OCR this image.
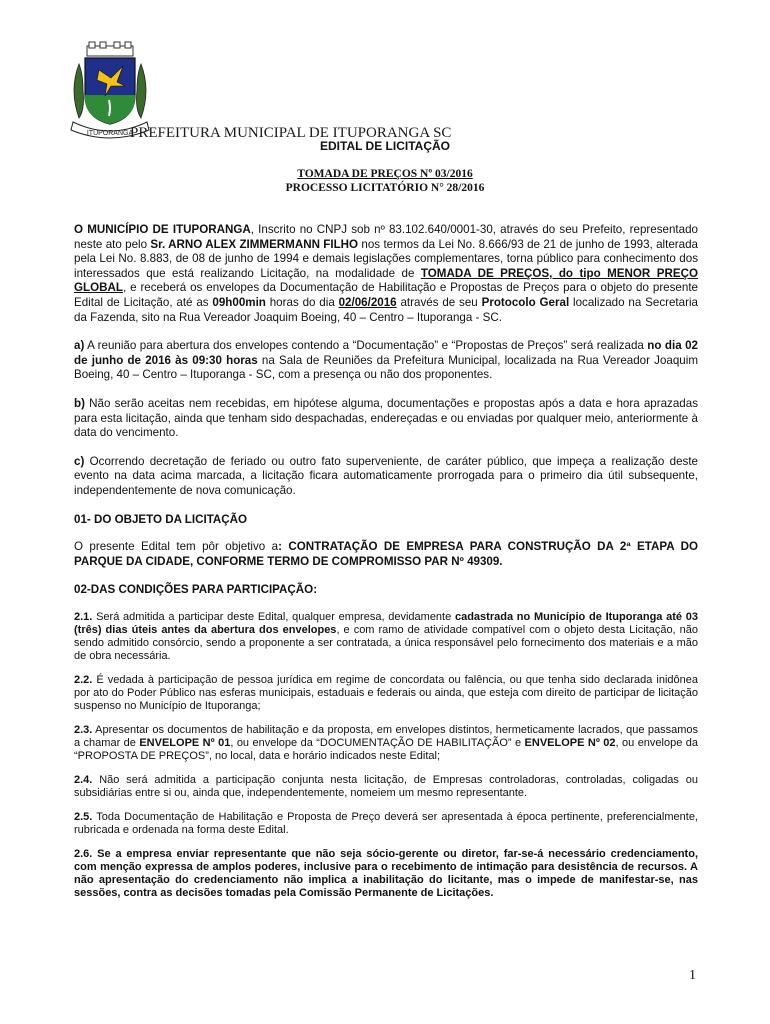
ITUPORANGA
PREFEITURA MUNICIPAL DE ITUPORANGA SC
EDITAL DE LICITAÇÃO
TOMADA DE PREÇOS Nº 03/2016
PROCESSO LICITATÓRIO N° 28/2016

O MUNICÍPIO DE ITUPORANGA, Inscrito no CNPJ sob nº 83.102.640/0001-30, através do seu Prefeito, representado neste ato pelo Sr. ARNO ALEX ZIMMERMANN FILHO nos termos da Lei No. 8.666/93 de 21 de junho de 1993, alterada pela Lei No. 8.883, de 08 de junho de 1994 e demais legislações complementares, torna público para conhecimento dos interessados que está realizando Licitação, na modalidade de TOMADA DE PREÇOS, do tipo MENOR PREÇO GLOBAL, e receberá os envelopes da Documentação de Habilitação e Propostas de Preços para o objeto do presente Edital de Licitação, até as 09h00min horas do dia 02/06/2016 através de seu Protocolo Geral localizado na Secretaria da Fazenda, sito na Rua Vereador Joaquim Boeing, 40 – Centro – Ituporanga - SC.

a) A reunião para abertura dos envelopes contendo a “Documentação” e “Propostas de Preços” será realizada no dia 02 de junho de 2016 às 09:30 horas na Sala de Reuniões da Prefeitura Municipal, localizada na Rua Vereador Joaquim Boeing, 40 – Centro – Ituporanga - SC, com a presença ou não dos proponentes.

b) Não serão aceitas nem recebidas, em hipótese alguma, documentações e propostas após a data e hora aprazadas para esta licitação, ainda que tenham sido despachadas, endereçadas e ou enviadas por qualquer meio, anteriormente à data do vencimento.

c) Ocorrendo decretação de feriado ou outro fato superveniente, de caráter público, que impeça a realização deste evento na data acima marcada, a licitação ficara automaticamente prorrogada para o primeiro dia útil subsequente, independentemente de nova comunicação.

01- DO OBJETO DA LICITAÇÃO

O presente Edital tem pôr objetivo a: CONTRATAÇÃO DE EMPRESA PARA CONSTRUÇÃO DA 2ª ETAPA DO PARQUE DA CIDADE, CONFORME TERMO DE COMPROMISSO PAR Nº 49309.

02-DAS CONDIÇÕES PARA PARTICIPAÇÃO:

2.1. Será admitida a participar deste Edital, qualquer empresa, devidamente cadastrada no Município de Ituporanga até 03 (três) dias úteis antes da abertura dos envelopes, e com ramo de atividade compatível com o objeto desta Licitação, não sendo admitido consórcio, sendo a proponente a ser contratada, a única responsável pelo fornecimento dos materiais e a mão de obra necessária.

2.2. É vedada à participação de pessoa jurídica em regime de concordata ou falência, ou que tenha sido declarada inidônea por ato do Poder Público nas esferas municipais, estaduais e federais ou ainda, que esteja com direito de participar de licitação suspenso no Município de Ituporanga;

2.3. Apresentar os documentos de habilitação e da proposta, em envelopes distintos, hermeticamente lacrados, que passamos a chamar de ENVELOPE Nº 01, ou envelope da “DOCUMENTAÇÃO DE HABILITAÇÃO” e ENVELOPE Nº 02, ou envelope da “PROPOSTA DE PREÇOS”, no local, data e horário indicados neste Edital;

2.4. Não será admitida a participação conjunta nesta licitação, de Empresas controladoras, controladas, coligadas ou subsidiárias entre si ou, ainda que, independentemente, nomeiem um mesmo representante.

2.5. Toda Documentação de Habilitação e Proposta de Preço deverá ser apresentada à época pertinente, preferencialmente, rubricada e ordenada na forma deste Edital.

2.6. Se a empresa enviar representante que não seja sócio-gerente ou diretor, far-se-á necessário credenciamento, com menção expressa de amplos poderes, inclusive para o recebimento de intimação para desistência de recursos. A não apresentação do credenciamento não implica a inabilitação do licitante, mas o impede de manifestar-se, nas sessões, contra as decisões tomadas pela Comissão Permanente de Licitações.

1
